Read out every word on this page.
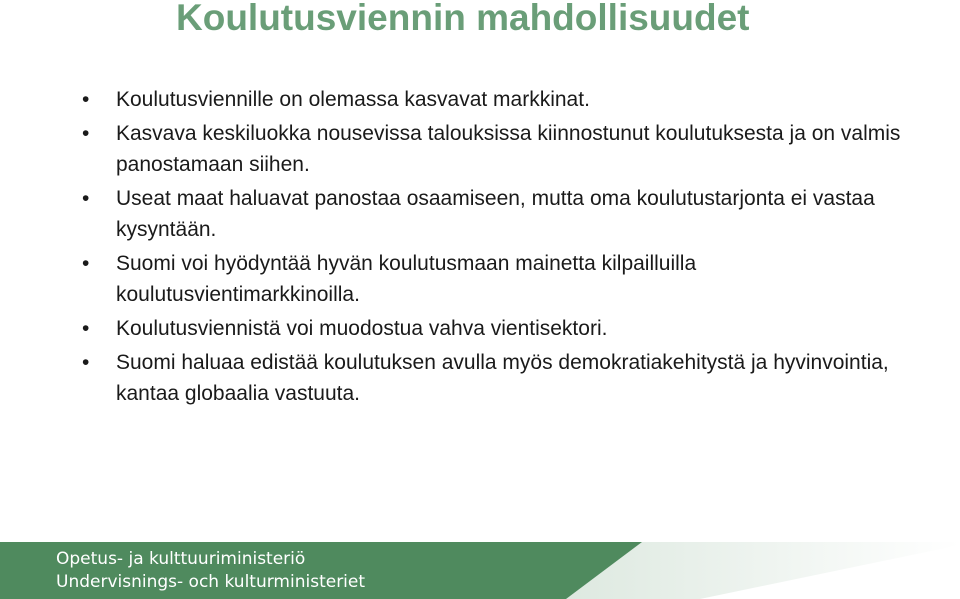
Koulutusviennin mahdollisuudet
• Koulutusviennille on olemassa kasvavat markkinat.
• Kasvava keskiluokka nousevissa talouksissa kiinnostunut koulutuksesta ja on valmis panostamaan siihen.
• Useat maat haluavat panostaa osaamiseen, mutta oma koulutustarjonta ei vastaa kysyntään.
• Suomi voi hyödyntää hyvän koulutusmaan mainetta kilpailluilla koulutusvientimarkkinoilla.
• Koulutusviennistä voi muodostua vahva vientisektori.
• Suomi haluaa edistää koulutuksen avulla myös demokratiakehitystä ja hyvinvointia, kantaa globaalia vastuuta.
Opetus- ja kulttuuriministeriö
Undervisnings- och kulturministeriet
